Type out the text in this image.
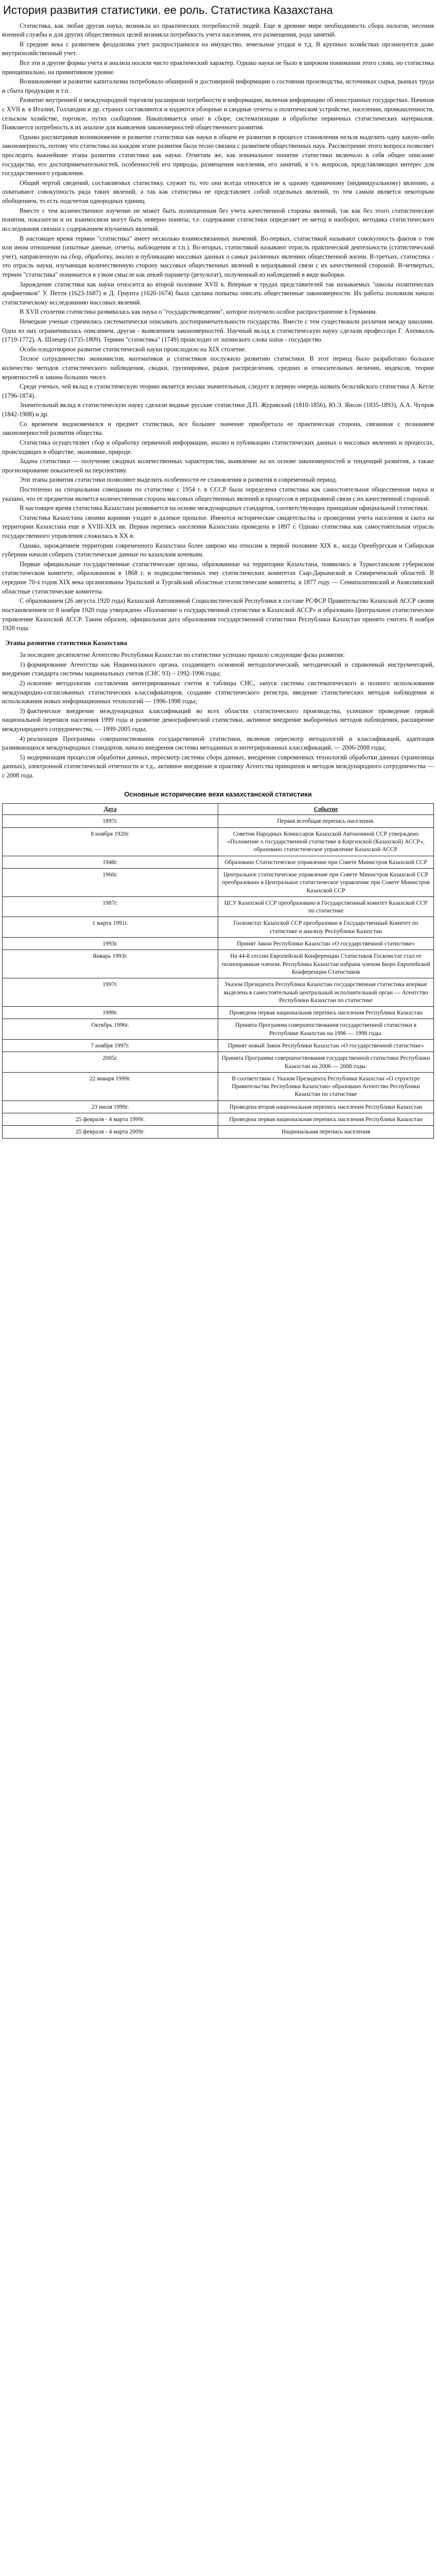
История развития статистики. ее роль. Статистика Казахстана

Статистика, как любая другая наука, возникла из практических потребностей людей. Еще в древние мире необходимость сбора налогов, несения военной службы и для других общественных целей возникла потребность учета населения, его размещения, рода занятий.

В средние века с развитием феодализма учет распространился на имущество, земельные угодья и т.д. В крупных хозяйствах организуется даже внутрихозяйственный учет.

Все эти и другие формы учета и анализа носили чисто практический характер. Однако науки не было в широком понимании этого слова, но статистика принципиально, на примитивном уровне.

Возникновение и развитие капитализма потребовало обширной и достоверной информации о состоянии производства, источниках сырья, рынках труда и сбыта продукции и т.п.

Развитие внутренней и международной торговли расширили потребности в информации, включая информацию об иностранных государствах. Начиная с XVII в. в Италии, Голландии и др. странах составляются и издаются обзорные и сводные отчеты о политическом устройстве, населении, промышленности, сельском хозяйстве, торговле, путях сообщения. Накапливается опыт в сборе, систематизации и обработке первичных статистических материалов. Появляется потребность в их анализе для выявления закономерностей общественного развития.

Однако рассматривая возникновение и развитие статистики как науки в общем ее развитии в процессе становления нельзя выделить одну какую-либо закономерность, потому что статистика на каждом этапе развития была тесно связана с развитием общественных наук. Рассмотрение этого вопроса позволяет проследить важнейшие этапы развития статистики как науки. Отметим же, как изначальное понятие статистики включало в себя общее описание государства, его достопримечательностей, особенностей его природы, размещения населения, его занятий, в т.ч. вопросов, представляющих интерес для государственного управления.

Общий чертой сведений, составляемых статистику, служит то, что они всегда относятся не к одному единичному (индивидуальному) явлению, а охватывают совокупность ряда таких явлений, а так как статистика не представляет собой отдельных явлений, то тем самым является некоторым обобщением, то есть подсчетом однородных единиц.

Вместе с тем количественное изучение не может быть полноценным без учета качественной стороны явлений, так как без этого статистические понятия, показатели и их взаимосвязи могут быть неверно поняты, т.е. содержание статистики определяет ее метод и наоборот, методика статистического исследования связана с содержанием изучаемых явлений.

В настоящее время термин "статистика" имеет несколько взаимосвязанных значений. Во-первых, статистикой называют совокупность фактов о том или ином отношении (опытные данные, отчеты, наблюдения и т.п.). Во-вторых, статистикой называют отрасль практической деятельности (статистический учет), направленную на сбор, обработку, анализ и публикацию массовых данных о самых различных явлениях общественной жизни. В-третьих, статистика - это отрасль науки, изучающая количественную сторону массовых общественных явлений в неразрывной связи с их качественной стороной. В-четвертых, термин "статистика" понимается в узком смысле как некий параметр (результат), полученный из наблюдений в виде выборки.

Зарождение статистики как науки относится ко второй половине XVII в. Впервые в трудах представителей так называемых "школы политических арифметиков" У. Петти (1623-1687) и Д. Граунта (1620-1674) была сделана попытка описать общественные закономерности. Их работы положили начало статистическому исследованию массовых явлений.

В XVII столетии статистика развивалась как наука о "государствоведении", которое получило особое распространение в Германии.

Немецкие ученые стремились систематически описывать достопримечательности государства. Вместе с тем существовали различия между школами. Одна из них ограничивалась описанием, другая - выявлением закономерностей. Научный вклад в статистическую науку сделали профессора Г. Ахенвалль (1719-1772), А. Шлецер (1735-1809). Термин "статистика" (1749) происходит от латинского слова status - государство.

Особо плодотворное развитие статистической науки происходило на XIX столетие.

Тесное сотрудничество экономистов, математиков и статистиков послужило развитию статистики. В этот период было разработано большое количество методов статистического наблюдения, сводки, группировки, рядов распределения, средних и относительных величин, индексов, теории вероятностей и закона больших чисел.

Среди ученых, чей вклад в статистическую теорию является весьма значительным, следует в первую очередь назвать бельгийского статистика А. Кетле (1796-1874).

Значительный вклад в статистическую науку сделали видные русские статистики Д.П. Журавский (1810-1856), Ю.Э. Янсон (1835-1893), А.А. Чупров (1842-1908) и др.

Со временем видоизменялся и предмет статистики, все большее значение приобретала ее практическая сторона, связанная с познанием закономерностей развития общества.

Статистика осуществляет сбор и обработку первичной информации, анализ и публикацию статистических данных о массовых явлениях и процессах, происходящих в обществе, экономике, природе.

Задача статистики — получение сводных количественных характеристик, выявление на их основе закономерностей и тенденций развития, а также прогнозирование показателей на перспективу.

Эти этапы развития статистики позволяют выделить особенности ее становления и развития в современный период.

Постепенно на специальном совещании по статистике с 1954 г. в СССР была определена статистика как самостоятельная общественная наука и указано, что ее предметом является количественная сторона массовых общественных явлений и процессов в неразрывной связи с их качественной стороной.

В настоящее время статистика Казахстана развивается на основе международных стандартов, соответствующих принципам официальной статистики.

Статистика Казахстана своими корнями уходит в далекое прошлое. Имеются исторические свидетельства о проведении учета населения и скота на территории Казахстана еще в XVIII-XIX вв. Первая перепись населения Казахстана проведена в 1897 г. Однако статистика как самостоятельная отрасль государственного управления сложилась в XX в.

Однако, зарождением территории современного Казахстана более широко мы относим к первой половине XIX в., когда Оренбургская и Сибирская губернии начали собирать статистические данные по казахским кочевьям.

Первые официальные государственные статистические органы, образованные на территории Казахстана, появились в Туркестанском губернском статистическом комитете, образованном в 1868 г. и подведомственных ему статистических комитетах Сыр-Дарьинской и Семиреченской областей. В середине 70-х годов XIX века организованы Уральский и Тургайский областные статистические комитеты, в 1877 году — Семипалатинский и Акмолинский областные статистические комитеты.

С образованием (26 августа 1920 года) Казахской Автономной Социалистической Республики в составе РСФСР Правительство Казахской АССР своим постановлением от 8 ноября 1920 года утверждено «Положение о государственной статистике в Казахской АССР» и образовано Центральное статистическое управление Казахской АССР. Таким образом, официальная дата образования государственной статистики Республики Казахстан принято считать 8 ноября 1920 года.

Этапы развития статистики Казахстана

За последнее десятилетие Агентство Республики Казахстан по статистике успешно прошло следующие фазы развития:

1) формирование Агентства как Национального органа, создающего основной методологический, методический и справочный инструментарий, внедрение стандарта системы национальных счетов (СНС 93) – 1992-1996 годы;

2) освоение методологии составления интегрированных счетов в таблицы СНС, запуск системы систематического и полного использования международно-согласованных статистических классификаторов, создание статистического регистра, введение статистических методов наблюдения и использования новых информационных технологий — 1996-1998 годы;

3) фактическое внедрение международных классификаций во всех областях статистического производства, успешное проведение первой национальной переписи населения 1999 года и развитие демографической статистики, активное внедрение выборочных методов наблюдения, расширение международного сотрудничества, — 1999-2005 годы;

4) реализация Программы совершенствования государственной статистики, включая пересмотр методологий и классификаций, адаптация развивающихся международных стандартов, начало внедрения системы метаданных и интегрированных классификаций, — 2006-2008 годы;

5) модернизация процессов обработки данных, пересмотр системы сбора данных, внедрение современных технологий обработки данных (хранилища данных), электронной статистической отчетности и т.д., активное внедрение в практику Агентства принципов и методов международного сотрудничества — с 2008 года.

Основные исторические вехи казахстанской статистики
Дата	Событие
1897г.	Первая всеобщая перепись населения.
8 ноября 1920г.	Советом Народных Комиссаров Казахской Автономной ССР утверждено «Положение о государственной статистике в Киргизской (Казахской) АССР», образовано статистическое управление Казахской АССР.
1948г.	Образовано Статистическое управление при Совете Министров Казахской ССР
1960г.	Центральное статистическое управление при Совете Министров Казахской ССР преобразовано в Центральное статистическое управление при Совете Министров Казахской ССР
1987г.	ЦСУ Казахской ССР преобразовано в Государственный комитет Казахской ССР по статистике
1 марта 1991г.	Госкомстат Казахской ССР преобразован в Государственный Комитет по статистике и анализу Республики Казахстан
1993г.	Принят Закон Республики Казахстан «О государственной статистике»
Январь 1993г.	На 44-й сессии Европейской Конференции Статистиков Госкомстат стал ее полноправным членом. Республика Казахстан избрана членом Бюро Европейской Конференции Статистиков
1997г.	Указом Президента Республики Казахстан государственная статистика впервые выделена в самостоятельный центральный исполнительный орган — Агентство Республики Казахстан по статистике
1999г.	Проведена первая национальная перепись населения Республики Казахстан
Октябрь 1996г.	Принята Программа совершенствования государственной статистики в Республике Казахстан на 1996 — 1998 годы.
7 ноября 1997г.	Принят новый Закон Республики Казахстан «О государственной статистике»
2005г.	Принята Программа совершенствования государственной статистики Республики Казахстан на 2006 — 2008 годы.
22 января 1999г.	В соответствии с Указом Президента Республики Казахстан «О структуре Правительства Республики Казахстан» образовано Агентство Республики Казахстан по статистике
23 июля 1999г.	Проведена вторая национальная перепись населения Республики Казахстан
25 февраля - 4 марта 1999г.	Проведена первая национальная перепись населения Республики Казахстан
25 февраля - 4 марта 2009г.	Национальная перепись населения
